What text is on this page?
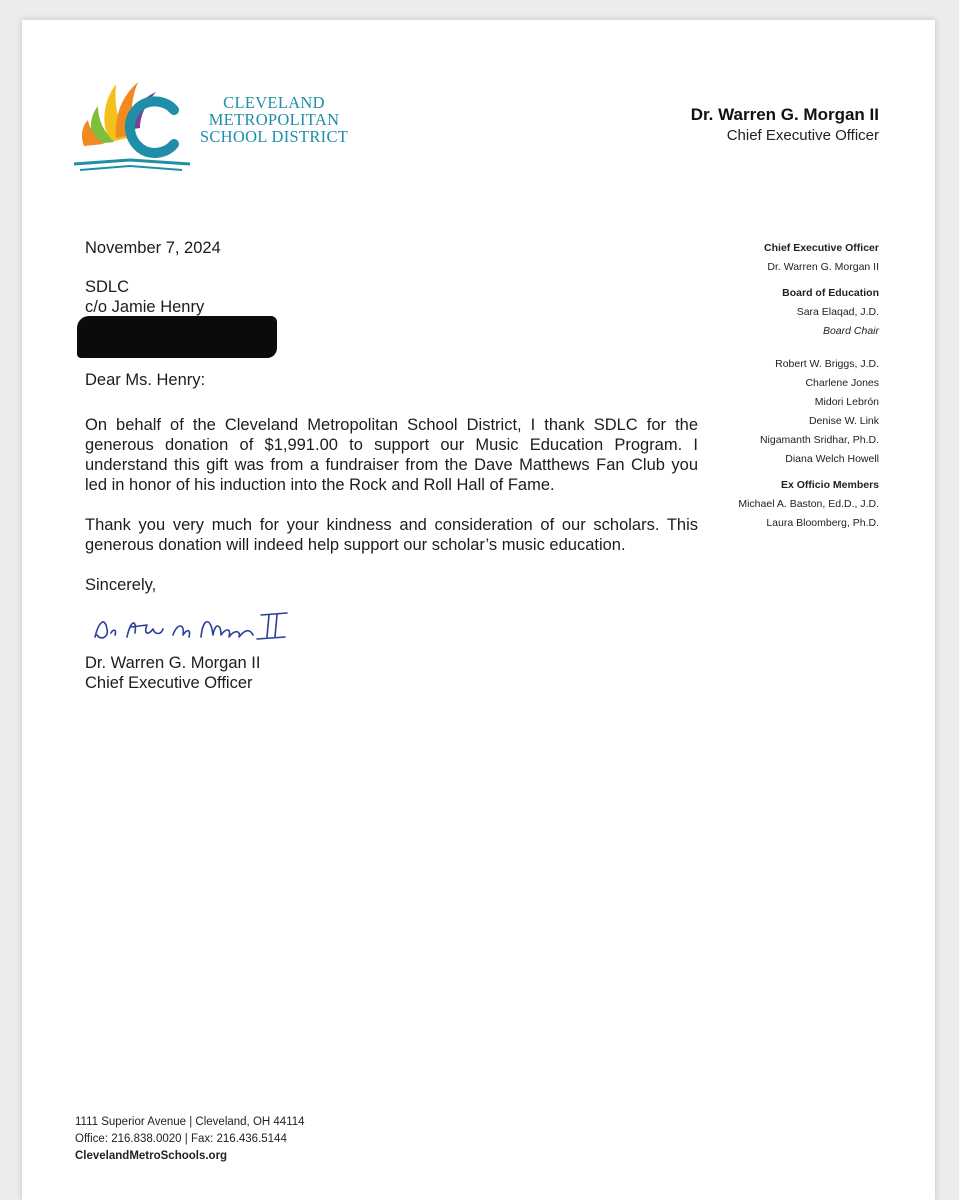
CLEVELAND
METROPOLITAN
SCHOOL DISTRICT
Dr. Warren G. Morgan II
Chief Executive Officer

November 7, 2024

SDLC

c/o Jamie Henry

Dear Ms. Henry:

On behalf of the Cleveland Metropolitan School District, I thank SDLC for the generous donation of $1,991.00 to support our Music Education Program. I understand this gift was from a fundraiser from the Dave Matthews Fan Club you led in honor of his induction into the Rock and Roll Hall of Fame.

Thank you very much for your kindness and consideration of our scholars. This generous donation will indeed help support our scholar’s music education.

Sincerely,

Dr. Warren G. Morgan II

Chief Executive Officer

Chief Executive Officer
Dr. Warren G. Morgan II
Board of Education
Sara Elaqad, J.D.
Board Chair
Robert W. Briggs, J.D.
Charlene Jones
Midori Lebrón
Denise W. Link
Nigamanth Sridhar, Ph.D.
Diana Welch Howell
Ex Officio Members
Michael A. Baston, Ed.D., J.D.
Laura Bloomberg, Ph.D.
1111 Superior Avenue | Cleveland, OH 44114
Office: 216.838.0020 | Fax: 216.436.5144
ClevelandMetroSchools.org
